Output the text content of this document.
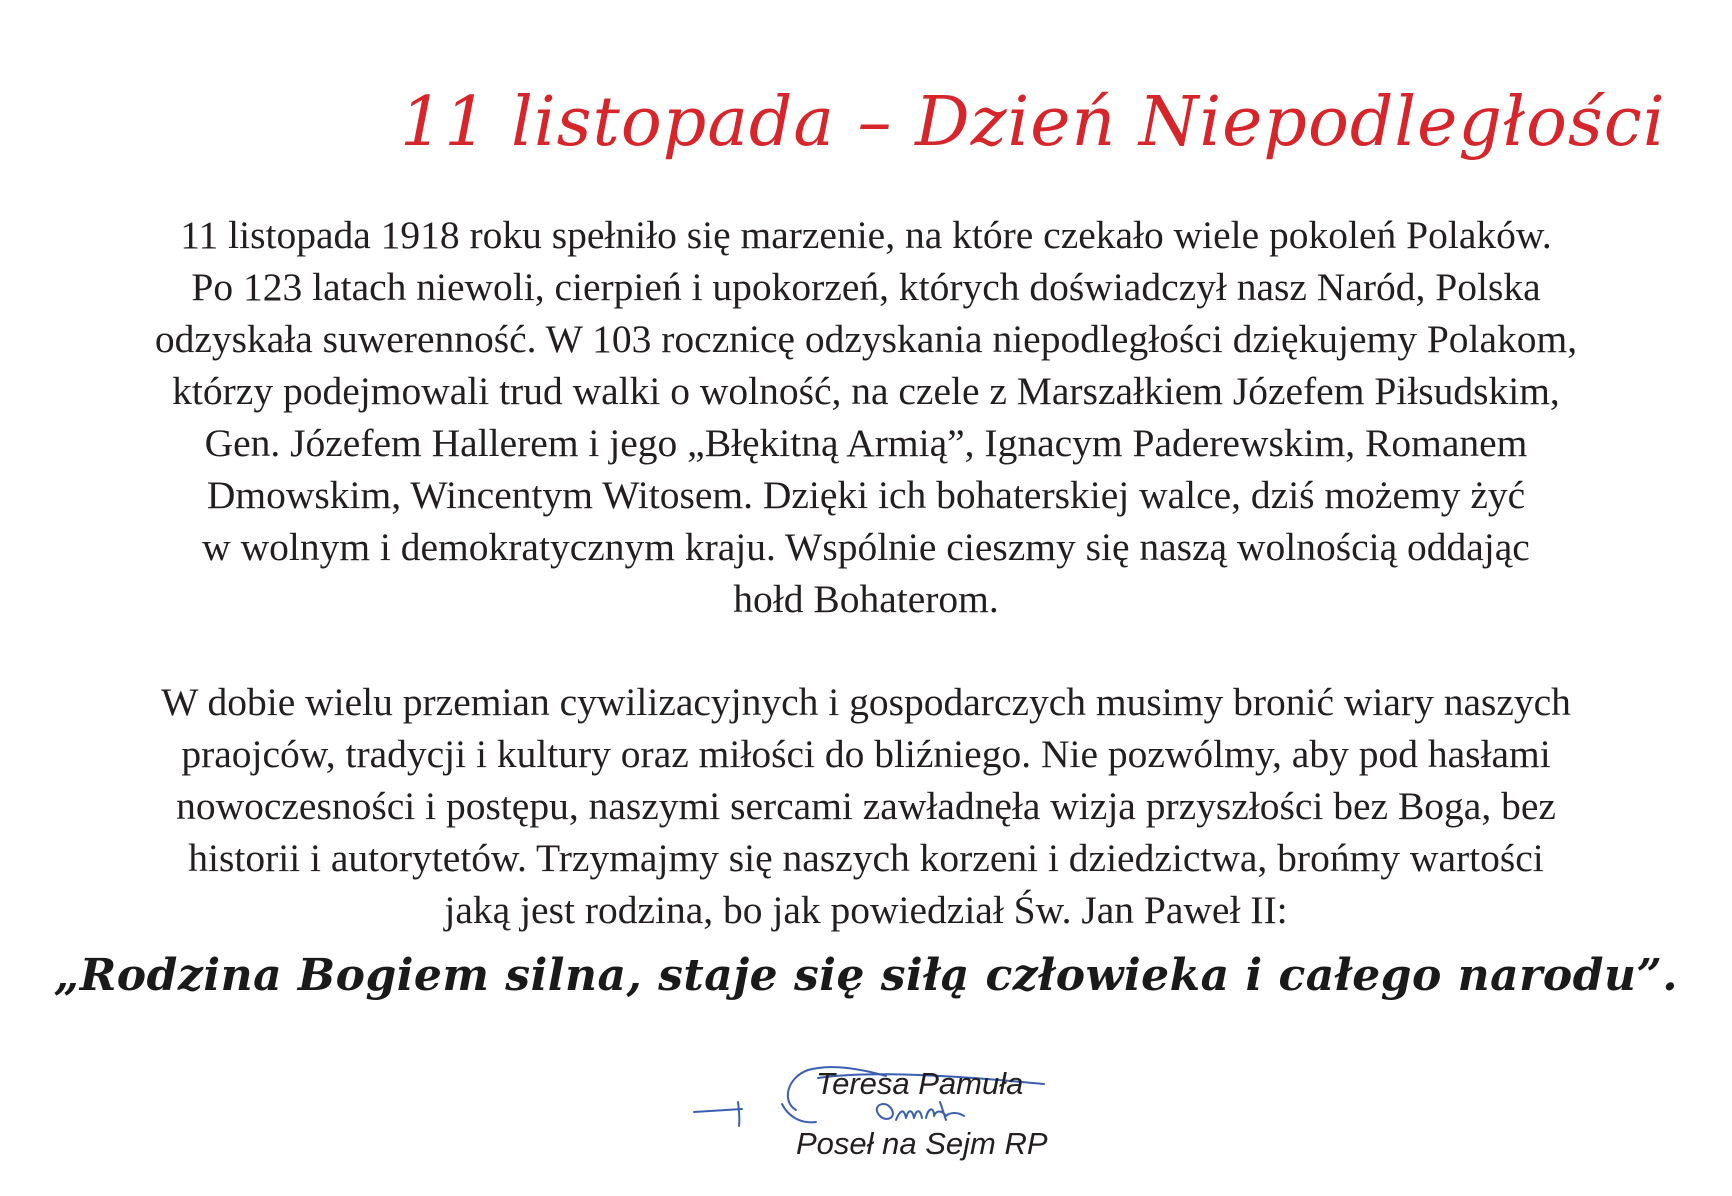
11 listopada – Dzień Niepodległości
11 listopada 1918 roku spełniło się marzenie, na które czekało wiele pokoleń Polaków.
Po 123 latach niewoli, cierpień i upokorzeń, których doświadczył nasz Naród, Polska
odzyskała suwerenność. W 103 rocznicę odzyskania niepodległości dziękujemy Polakom,
którzy podejmowali trud walki o wolność, na czele z Marszałkiem Józefem Piłsudskim,
Gen. Józefem Hallerem i jego „Błękitną Armią”, Ignacym Paderewskim, Romanem
Dmowskim, Wincentym Witosem. Dzięki ich bohaterskiej walce, dziś możemy żyć
w wolnym i demokratycznym kraju. Wspólnie cieszmy się naszą wolnością oddając
hołd Bohaterom.
W dobie wielu przemian cywilizacyjnych i gospodarczych musimy bronić wiary naszych
praojców, tradycji i kultury oraz miłości do bliźniego. Nie pozwólmy, aby pod hasłami
nowoczesności i postępu, naszymi sercami zawładnęła wizja przyszłości bez Boga, bez
historii i autorytetów. Trzymajmy się naszych korzeni i dziedzictwa, brońmy wartości
jaką jest rodzina, bo jak powiedział Św. Jan Paweł II:
„Rodzina Bogiem silna, staje się siłą człowieka i całego narodu”.
Teresa Pamuła
Poseł na Sejm RP
